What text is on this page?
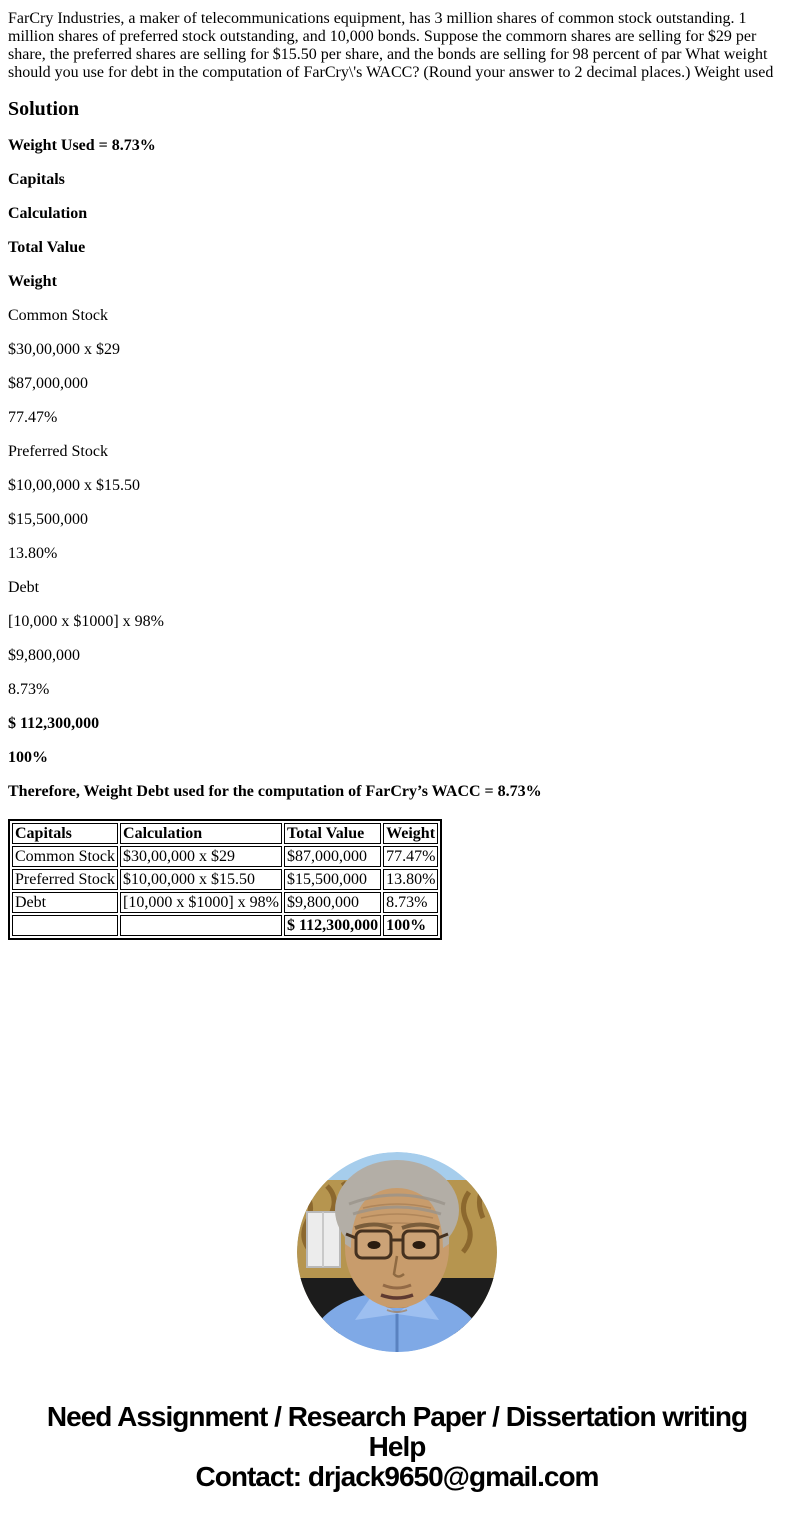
FarCry Industries, a maker of telecommunications equipment, has 3 million shares of common stock outstanding. 1 million shares of preferred stock outstanding, and 10,000 bonds. Suppose the commorn shares are selling for $29 per share, the preferred shares are selling for $15.50 per share, and the bonds are selling for 98 percent of par What weight should you use for debt in the computation of FarCry\'s WACC? (Round your answer to 2 decimal places.) Weight used

Solution

Weight Used = 8.73%

Capitals

Calculation

Total Value

Weight

Common Stock

$30,00,000 x $29

$87,000,000

77.47%

Preferred Stock

$10,00,000 x $15.50

$15,500,000

13.80%

Debt

[10,000 x $1000] x 98%

$9,800,000

8.73%

$ 112,300,000

100%

Therefore, Weight Debt used for the computation of FarCry’s WACC = 8.73%

Capitals	Calculation	Total Value	Weight
Common Stock	$30,00,000 x $29	$87,000,000	77.47%
Preferred Stock	$10,00,000 x $15.50	$15,500,000	13.80%
Debt	[10,000 x $1000] x 98%	$9,800,000	8.73%
		$ 112,300,000	100%
Need Assignment / Research Paper / Dissertation writing Help
Contact: drjack9650@gmail.com
